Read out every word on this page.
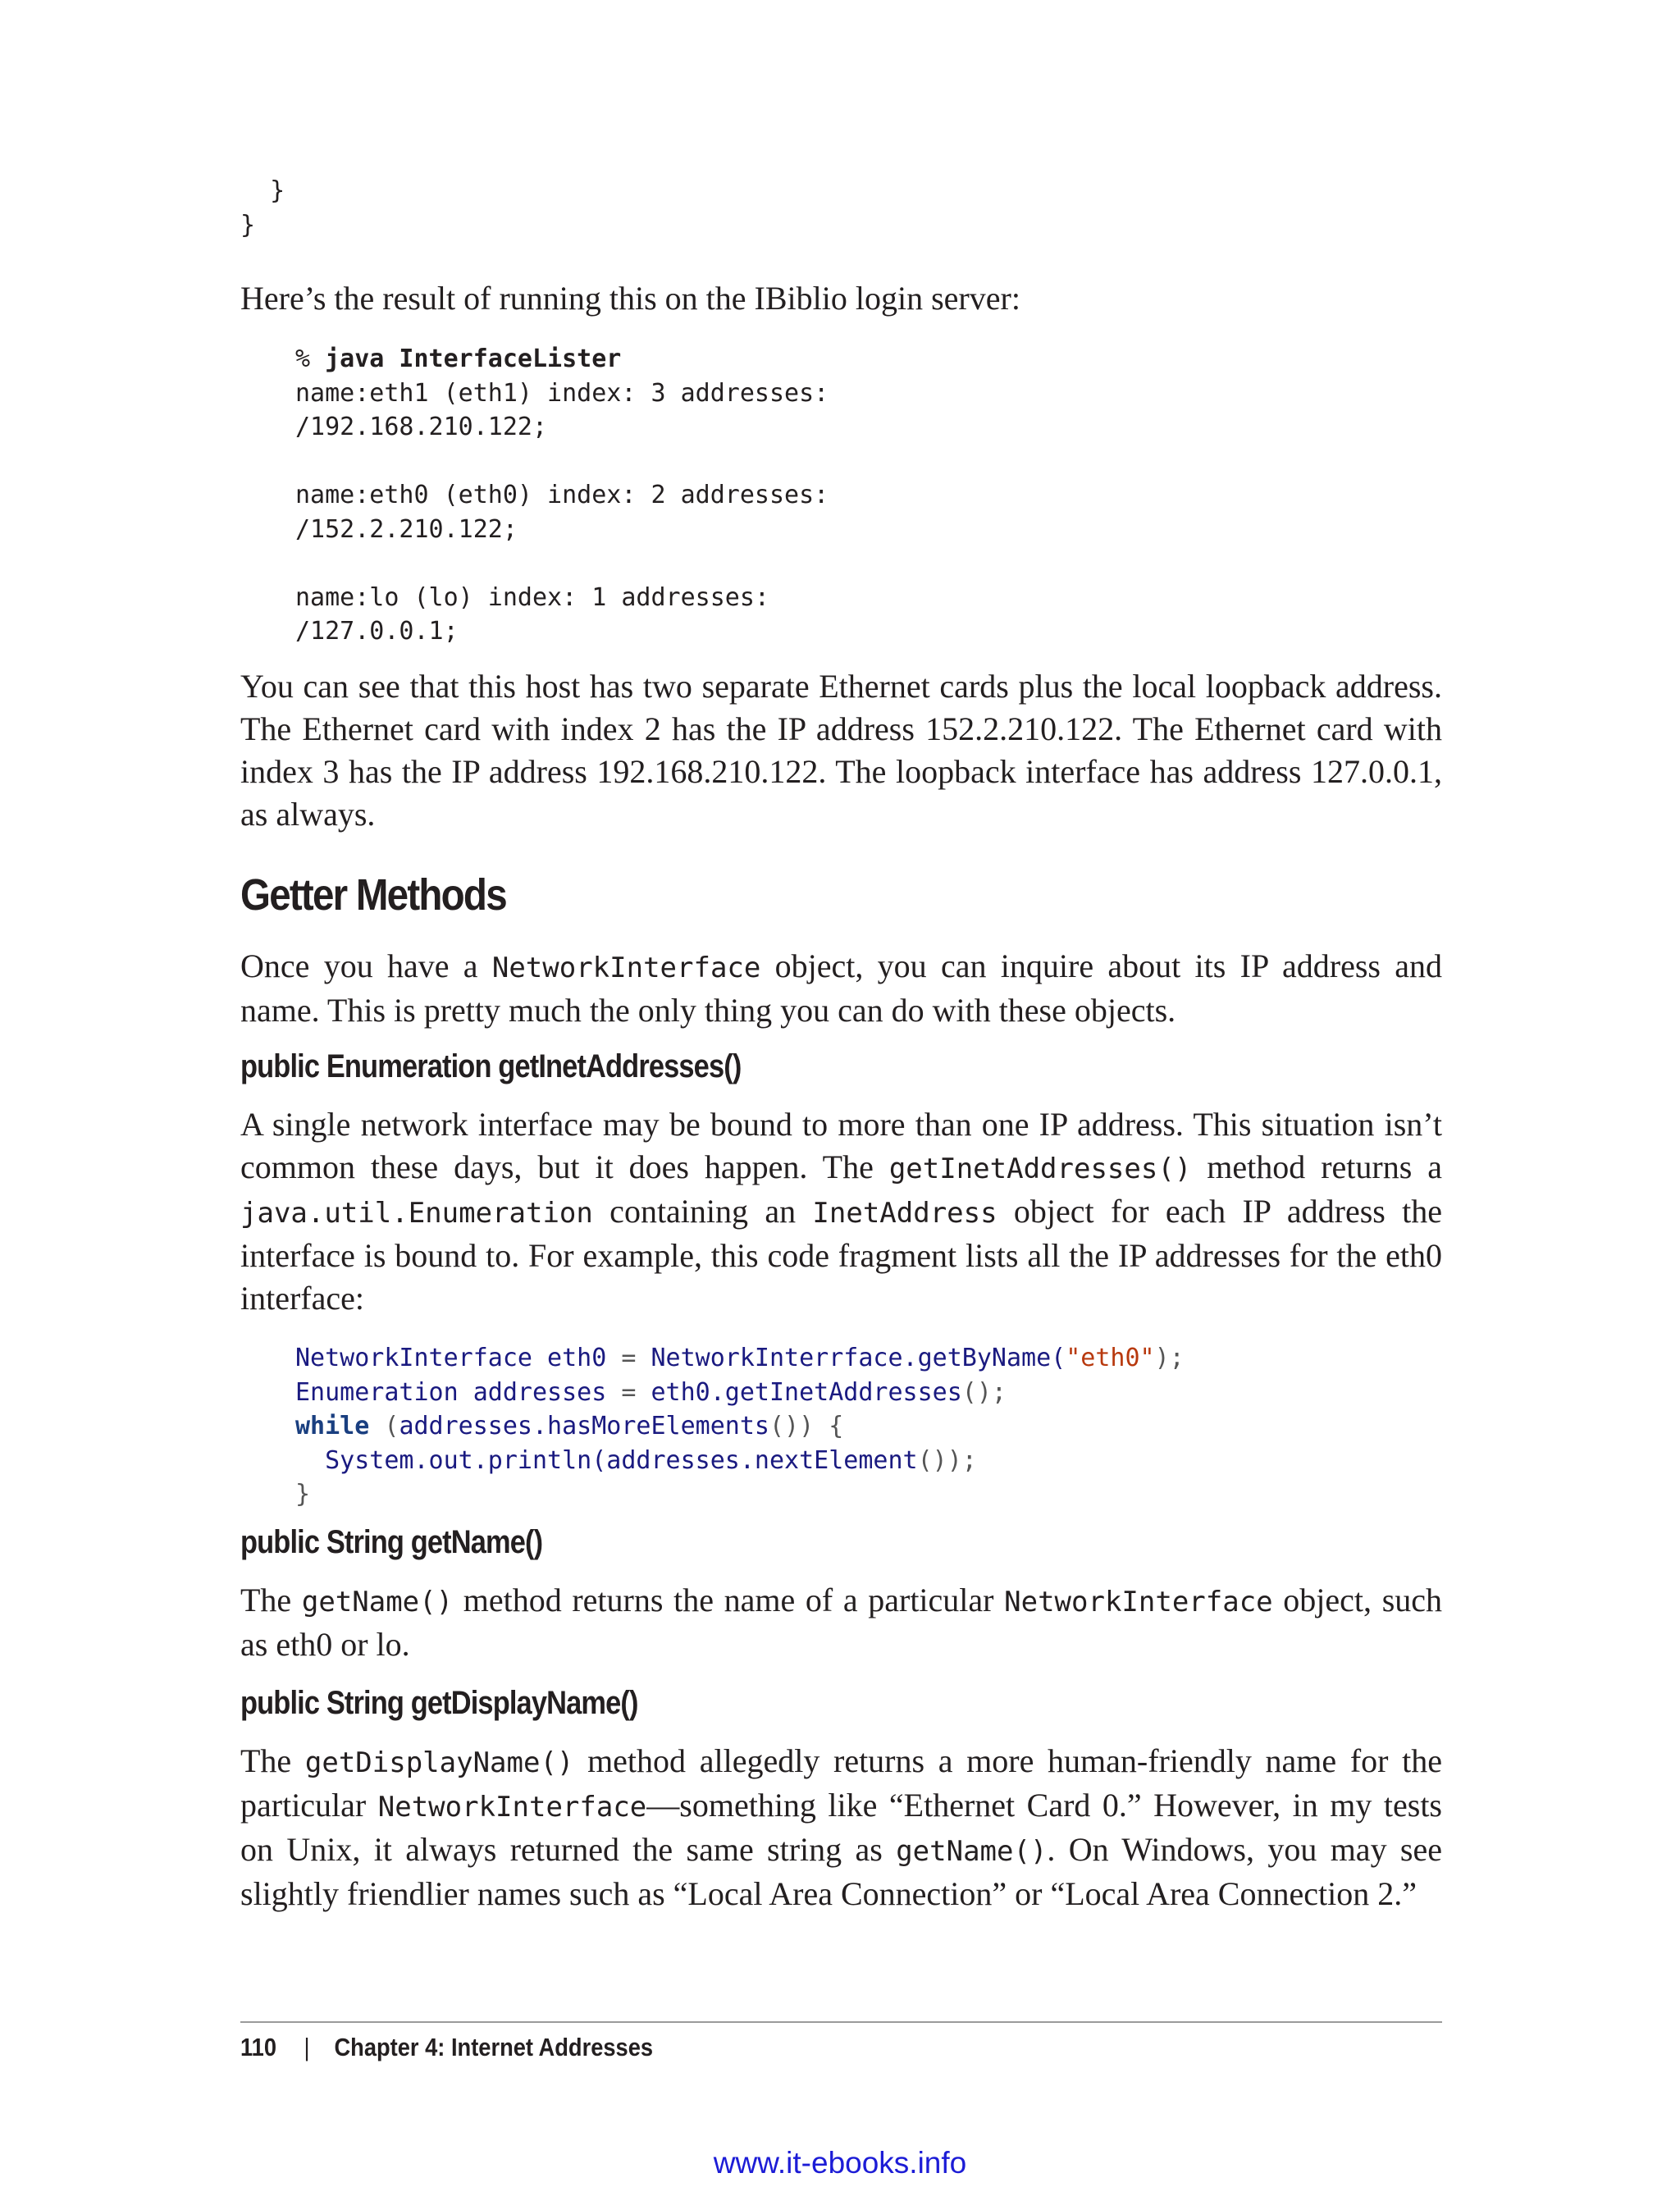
}
}

Here’s the result of running this on the IBiblio login server:

% java InterfaceLister
name:eth1 (eth1) index: 3 addresses:
/192.168.210.122;

name:eth0 (eth0) index: 2 addresses:
/152.2.210.122;

name:lo (lo) index: 1 addresses:
/127.0.0.1;

You can see that this host has two separate Ethernet cards plus the local loopback address. The Ethernet card with index 2 has the IP address 152.2.210.122. The Ethernet card with index 3 has the IP address 192.168.210.122. The loopback interface has address 127.0.0.1, as always.

Getter Methods

Once you have a NetworkInterface object, you can inquire about its IP address and name. This is pretty much the only thing you can do with these objects.

public Enumeration getInetAddresses()

A single network interface may be bound to more than one IP address. This situation isn’t common these days, but it does happen. The getInetAddresses() method returns a java.util.Enumeration containing an InetAddress object for each IP address the interface is bound to. For example, this code fragment lists all the IP addresses for the eth0 interface:

NetworkInterface eth0 = NetworkInterrface.getByName("eth0");
Enumeration addresses = eth0.getInetAddresses();
while (addresses.hasMoreElements()) {
System.out.println(addresses.nextElement());
}
public String getName()

The getName() method returns the name of a particular NetworkInterface object, such as eth0 or lo.

public String getDisplayName()

The getDisplayName() method allegedly returns a more human-friendly name for the particular NetworkInterface—something like “Ethernet Card 0.” However, in my tests on Unix, it always returned the same string as getName(). On Windows, you may see slightly friendlier names such as “Local Area Connection” or “Local Area Connection 2.”

110 | Chapter 4: Internet Addresses
www.it-ebooks.info
